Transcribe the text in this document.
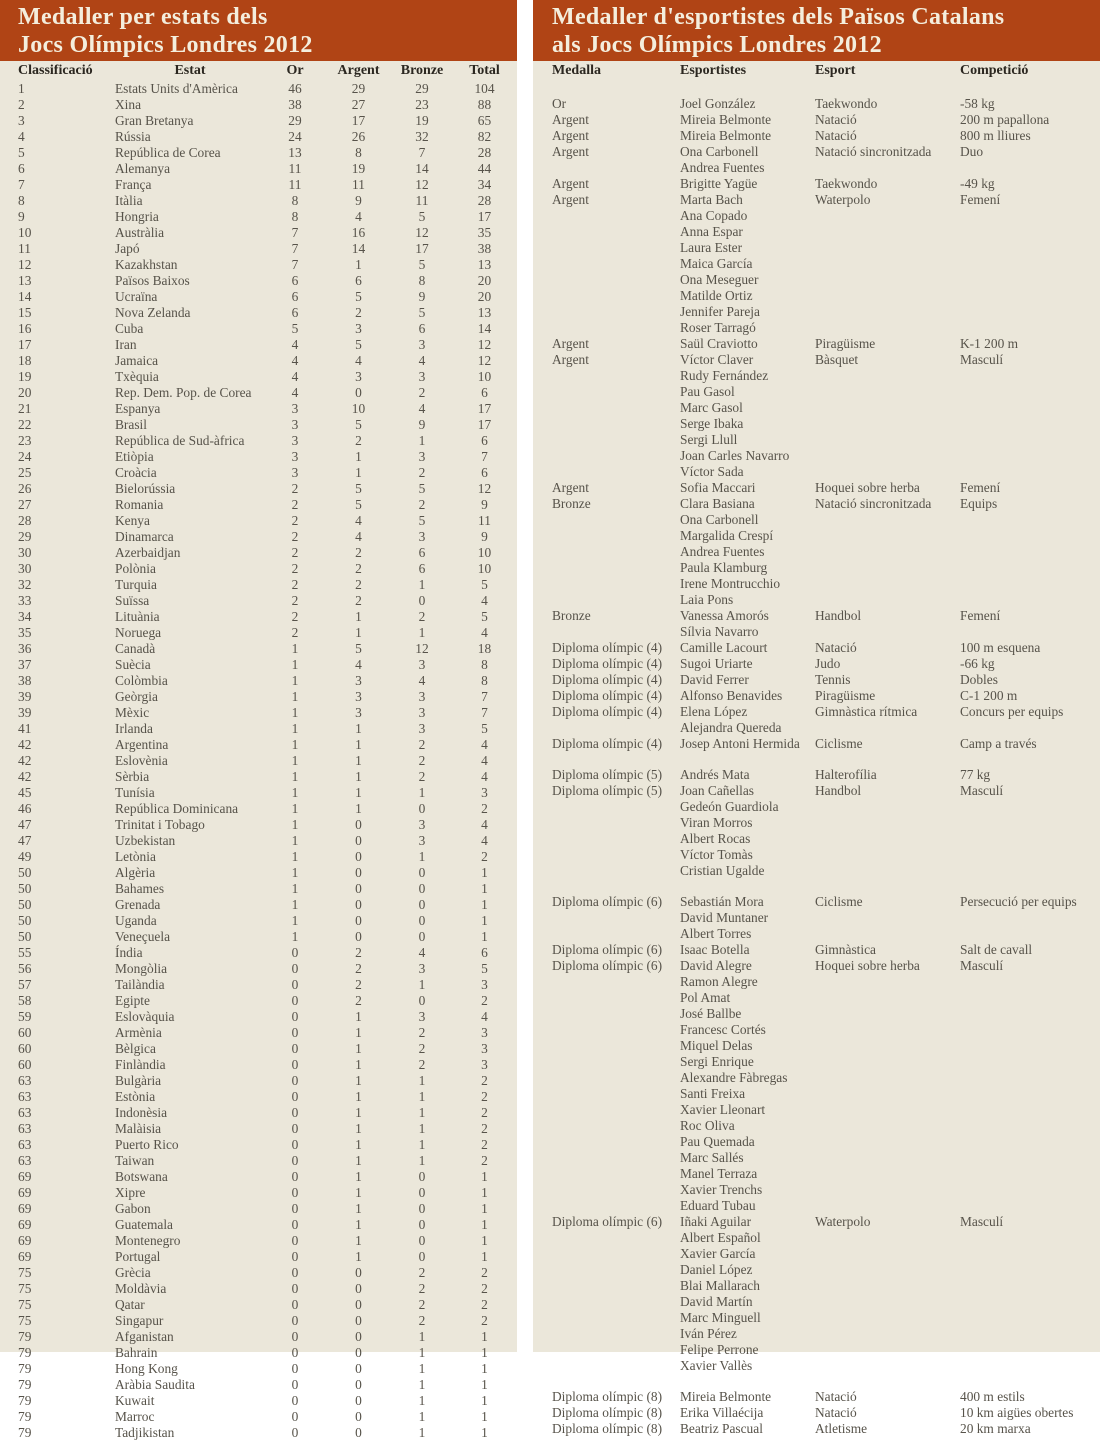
Medaller per estats dels
Jocs Olímpics Londres 2012
Classificació	Estat	Or	Argent	Bronze	Total
1	Estats Units d'Amèrica	46	29	29	104
2	Xina	38	27	23	88
3	Gran Bretanya	29	17	19	65
4	Rússia	24	26	32	82
5	República de Corea	13	8	7	28
6	Alemanya	11	19	14	44
7	França	11	11	12	34
8	Itàlia	8	9	11	28
9	Hongria	8	4	5	17
10	Austràlia	7	16	12	35
11	Japó	7	14	17	38
12	Kazakhstan	7	1	5	13
13	Països Baixos	6	6	8	20
14	Ucraïna	6	5	9	20
15	Nova Zelanda	6	2	5	13
16	Cuba	5	3	6	14
17	Iran	4	5	3	12
18	Jamaica	4	4	4	12
19	Txèquia	4	3	3	10
20	Rep. Dem. Pop. de Corea	4	0	2	6
21	Espanya	3	10	4	17
22	Brasil	3	5	9	17
23	República de Sud-àfrica	3	2	1	6
24	Etiòpia	3	1	3	7
25	Croàcia	3	1	2	6
26	Bielorússia	2	5	5	12
27	Romania	2	5	2	9
28	Kenya	2	4	5	11
29	Dinamarca	2	4	3	9
30	Azerbaidjan	2	2	6	10
30	Polònia	2	2	6	10
32	Turquia	2	2	1	5
33	Suïssa	2	2	0	4
34	Lituània	2	1	2	5
35	Noruega	2	1	1	4
36	Canadà	1	5	12	18
37	Suècia	1	4	3	8
38	Colòmbia	1	3	4	8
39	Geòrgia	1	3	3	7
39	Mèxic	1	3	3	7
41	Irlanda	1	1	3	5
42	Argentina	1	1	2	4
42	Eslovènia	1	1	2	4
42	Sèrbia	1	1	2	4
45	Tunísia	1	1	1	3
46	República Dominicana	1	1	0	2
47	Trinitat i Tobago	1	0	3	4
47	Uzbekistan	1	0	3	4
49	Letònia	1	0	1	2
50	Algèria	1	0	0	1
50	Bahames	1	0	0	1
50	Grenada	1	0	0	1
50	Uganda	1	0	0	1
50	Veneçuela	1	0	0	1
55	Índia	0	2	4	6
56	Mongòlia	0	2	3	5
57	Tailàndia	0	2	1	3
58	Egipte	0	2	0	2
59	Eslovàquia	0	1	3	4
60	Armènia	0	1	2	3
60	Bèlgica	0	1	2	3
60	Finlàndia	0	1	2	3
63	Bulgària	0	1	1	2
63	Estònia	0	1	1	2
63	Indonèsia	0	1	1	2
63	Malàisia	0	1	1	2
63	Puerto Rico	0	1	1	2
63	Taiwan	0	1	1	2
69	Botswana	0	1	0	1
69	Xipre	0	1	0	1
69	Gabon	0	1	0	1
69	Guatemala	0	1	0	1
69	Montenegro	0	1	0	1
69	Portugal	0	1	0	1
75	Grècia	0	0	2	2
75	Moldàvia	0	0	2	2
75	Qatar	0	0	2	2
75	Singapur	0	0	2	2
79	Afganistan	0	0	1	1
79	Bahrain	0	0	1	1
79	Hong Kong	0	0	1	1
79	Aràbia Saudita	0	0	1	1
79	Kuwait	0	0	1	1
79	Marroc	0	0	1	1
79	Tadjikistan	0	0	1	1
Medaller d'esportistes dels Països Catalans
als Jocs Olímpics Londres 2012
Medalla	Esportistes	Esport	Competició

Or	Joel González	Taekwondo	-58 kg
Argent	Mireia Belmonte	Natació	200 m papallona
Argent	Mireia Belmonte	Natació	800 m lliures
Argent	Ona Carbonell	Natació sincronitzada	Duo
	Andrea Fuentes		
Argent	Brigitte Yagüe	Taekwondo	-49 kg
Argent	Marta Bach	Waterpolo	Femení
	Ana Copado		
	Anna Espar		
	Laura Ester		
	Maica García		
	Ona Meseguer		
	Matilde Ortiz		
	Jennifer Pareja		
	Roser Tarragó		
Argent	Saül Craviotto	Piragüisme	K-1 200 m
Argent	Víctor Claver	Bàsquet	Masculí
	Rudy Fernández		
	Pau Gasol		
	Marc Gasol		
	Serge Ibaka		
	Sergi Llull		
	Joan Carles Navarro		
	Víctor Sada		
Argent	Sofia Maccari	Hoquei sobre herba	Femení
Bronze	Clara Basiana	Natació sincronitzada	Equips
	Ona Carbonell		
	Margalida Crespí		
	Andrea Fuentes		
	Paula Klamburg		
	Irene Montrucchio		
	Laia Pons		
Bronze	Vanessa Amorós	Handbol	Femení
	Sílvia Navarro		
Diploma olímpic (4)	Camille Lacourt	Natació	100 m esquena
Diploma olímpic (4)	Sugoi Uriarte	Judo	-66 kg
Diploma olímpic (4)	David Ferrer	Tennis	Dobles
Diploma olímpic (4)	Alfonso Benavides	Piragüisme	C-1 200 m
Diploma olímpic (4)	Elena López	Gimnàstica rítmica	Concurs per equips
	Alejandra Quereda		
Diploma olímpic (4)	Josep Antoni Hermida	Ciclisme	Camp a través

Diploma olímpic (5)	Andrés Mata	Halterofília	77 kg
Diploma olímpic (5)	Joan Cañellas	Handbol	Masculí
	Gedeón Guardiola		
	Viran Morros		
	Albert Rocas		
	Víctor Tomàs		
	Cristian Ugalde		

Diploma olímpic (6)	Sebastián Mora	Ciclisme	Persecució per equips
	David Muntaner		
	Albert Torres		
Diploma olímpic (6)	Isaac Botella	Gimnàstica	Salt de cavall
Diploma olímpic (6)	David Alegre	Hoquei sobre herba	Masculí
	Ramon Alegre		
	Pol Amat		
	José Ballbe		
	Francesc Cortés		
	Miquel Delas		
	Sergi Enrique		
	Alexandre Fàbregas		
	Santi Freixa		
	Xavier Lleonart		
	Roc Oliva		
	Pau Quemada		
	Marc Sallés		
	Manel Terraza		
	Xavier Trenchs		
	Eduard Tubau		
Diploma olímpic (6)	Iñaki Aguilar	Waterpolo	Masculí
	Albert Español		
	Xavier García		
	Daniel López		
	Blai Mallarach		
	David Martín		
	Marc Minguell		
	Iván Pérez		
	Felipe Perrone		
	Xavier Vallès		

Diploma olímpic (8)	Mireia Belmonte	Natació	400 m estils
Diploma olímpic (8)	Erika Villaécija	Natació	10 km aigües obertes
Diploma olímpic (8)	Beatriz Pascual	Atletisme	20 km marxa
